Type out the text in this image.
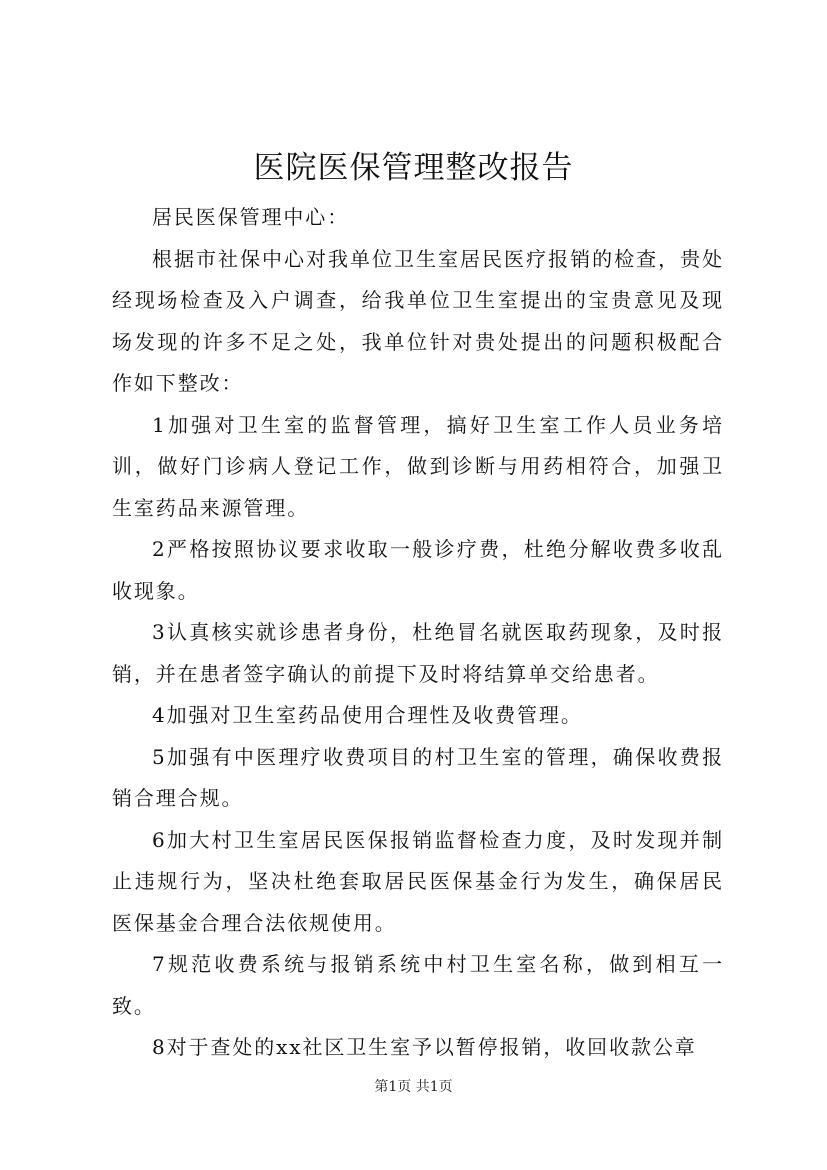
医院医保管理整改报告

居民医保管理中心：

根据市社保中心对我单位卫生室居民医疗报销的检查，贵处经现场检查及入户调查，给我单位卫生室提出的宝贵意见及现场发现的许多不足之处，我单位针对贵处提出的问题积极配合作如下整改：

1加强对卫生室的监督管理，搞好卫生室工作人员业务培训，做好门诊病人登记工作，做到诊断与用药相符合，加强卫生室药品来源管理。

2严格按照协议要求收取一般诊疗费，杜绝分解收费多收乱收现象。

3认真核实就诊患者身份，杜绝冒名就医取药现象，及时报销，并在患者签字确认的前提下及时将结算单交给患者。

4加强对卫生室药品使用合理性及收费管理。

5加强有中医理疗收费项目的村卫生室的管理，确保收费报销合理合规。

6加大村卫生室居民医保报销监督检查力度，及时发现并制止违规行为，坚决杜绝套取居民医保基金行为发生，确保居民医保基金合理合法依规使用。

7规范收费系统与报销系统中村卫生室名称，做到相互一致。

8对于查处的xx社区卫生室予以暂停报销，收回收款公章

第1页 共1页
